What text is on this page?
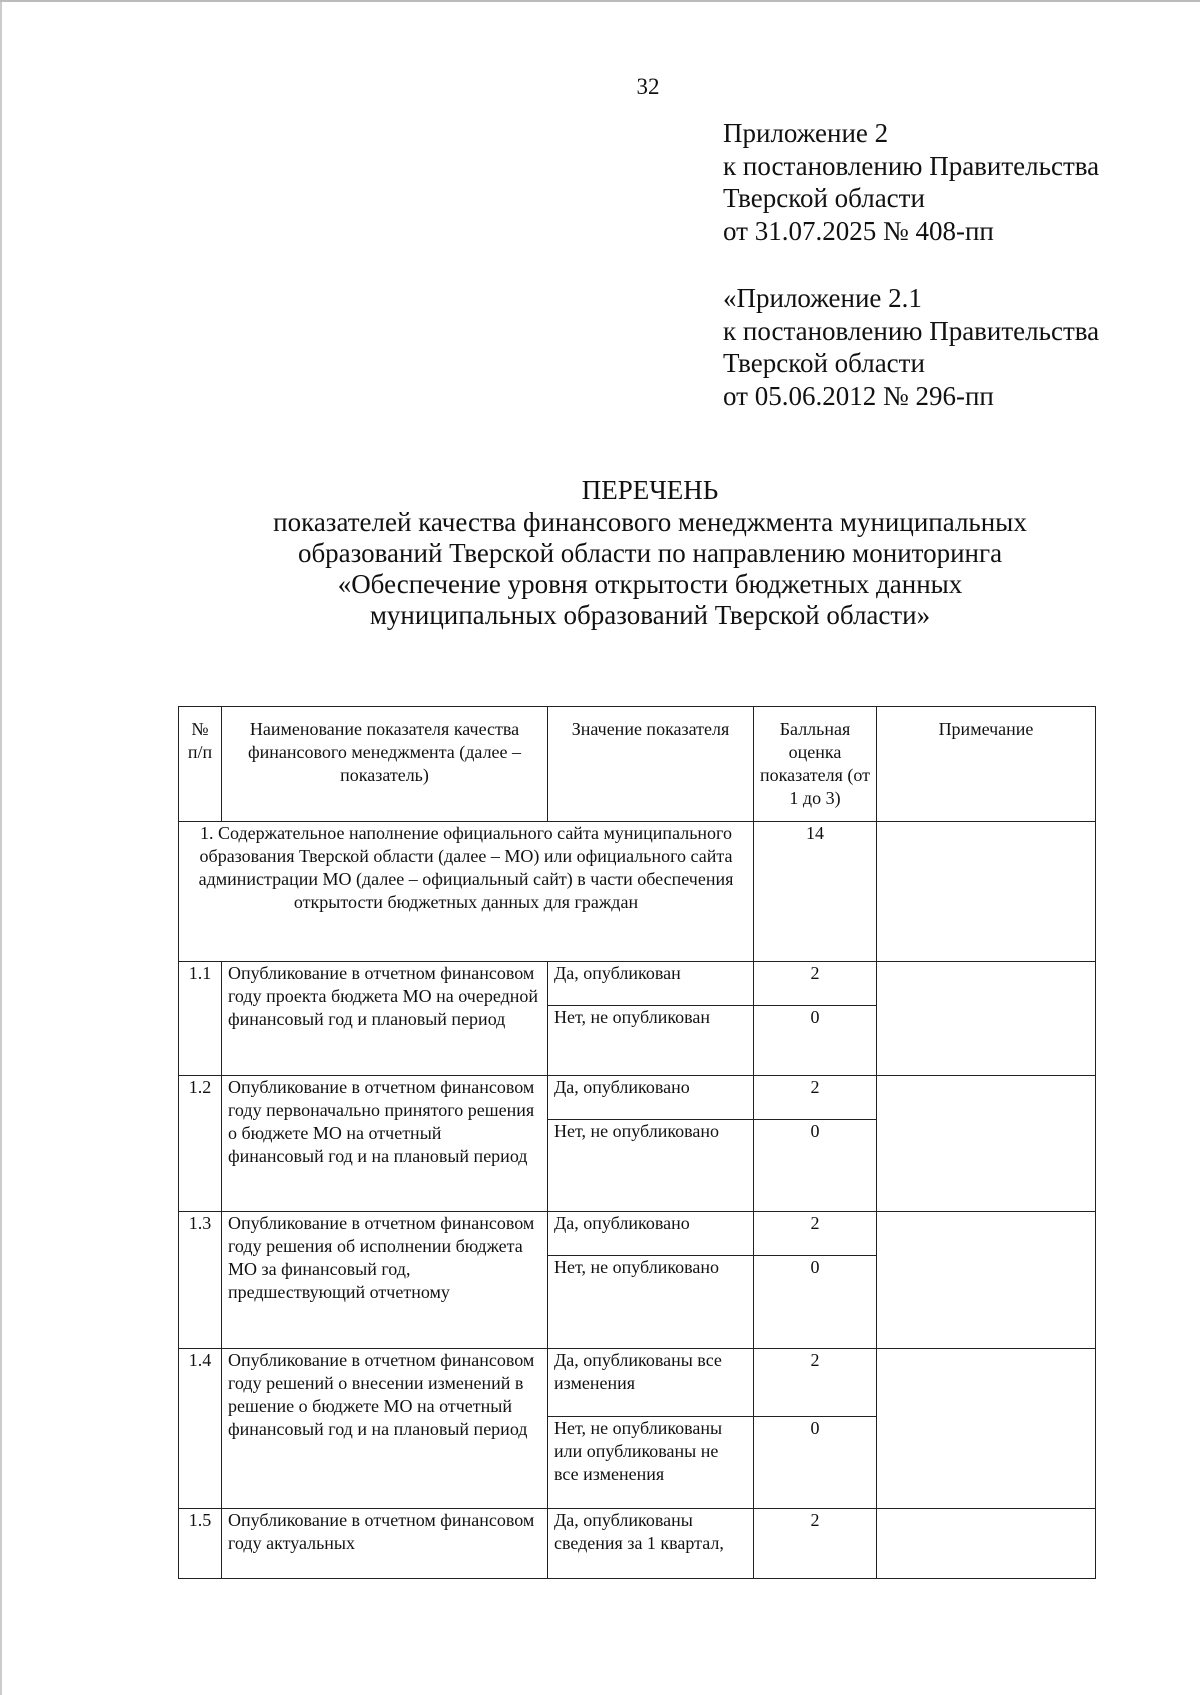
32
Приложение 2
к постановлению Правительства
Тверской области
от 31.07.2025 № 408-пп
«Приложение 2.1
к постановлению Правительства
Тверской области
от 05.06.2012 № 296-пп
ПЕРЕЧЕНЬ
показателей качества финансового менеджмента муниципальных
образований Тверской области по направлению мониторинга
«Обеспечение уровня открытости бюджетных данных
муниципальных образований Тверской области»
№ п/п	Наименование показателя качества финансового менеджмента (далее – показатель)	Значение показателя	Балльная оценка показателя (от 1 до 3)	Примечание
1. Содержательное наполнение официального сайта муниципального образования Тверской области (далее – МО) или официального сайта администрации МО (далее – официальный сайт) в части обеспечения открытости бюджетных данных для граждан			14	
1.1	Опубликование в отчетном финансовом году проекта бюджета МО на очередной финансовый год и плановый период	Да, опубликован	2	
		Нет, не опубликован	0	
1.2	Опубликование в отчетном финансовом году первоначально принятого решения о бюджете МО на отчетный финансовый год и на плановый период	Да, опубликовано	2	
		Нет, не опубликовано	0	
1.3	Опубликование в отчетном финансовом году решения об исполнении бюджета МО за финансовый год, предшествующий отчетному	Да, опубликовано	2	
		Нет, не опубликовано	0	
1.4	Опубликование в отчетном финансовом году решений о внесении изменений в решение о бюджете МО на отчетный финансовый год и на плановый период	Да, опубликованы все изменения	2	
		Нет, не опубликованы или опубликованы не все изменения	0	
1.5	Опубликование в отчетном финансовом году актуальных	Да, опубликованы сведения за 1 квартал,	2	
